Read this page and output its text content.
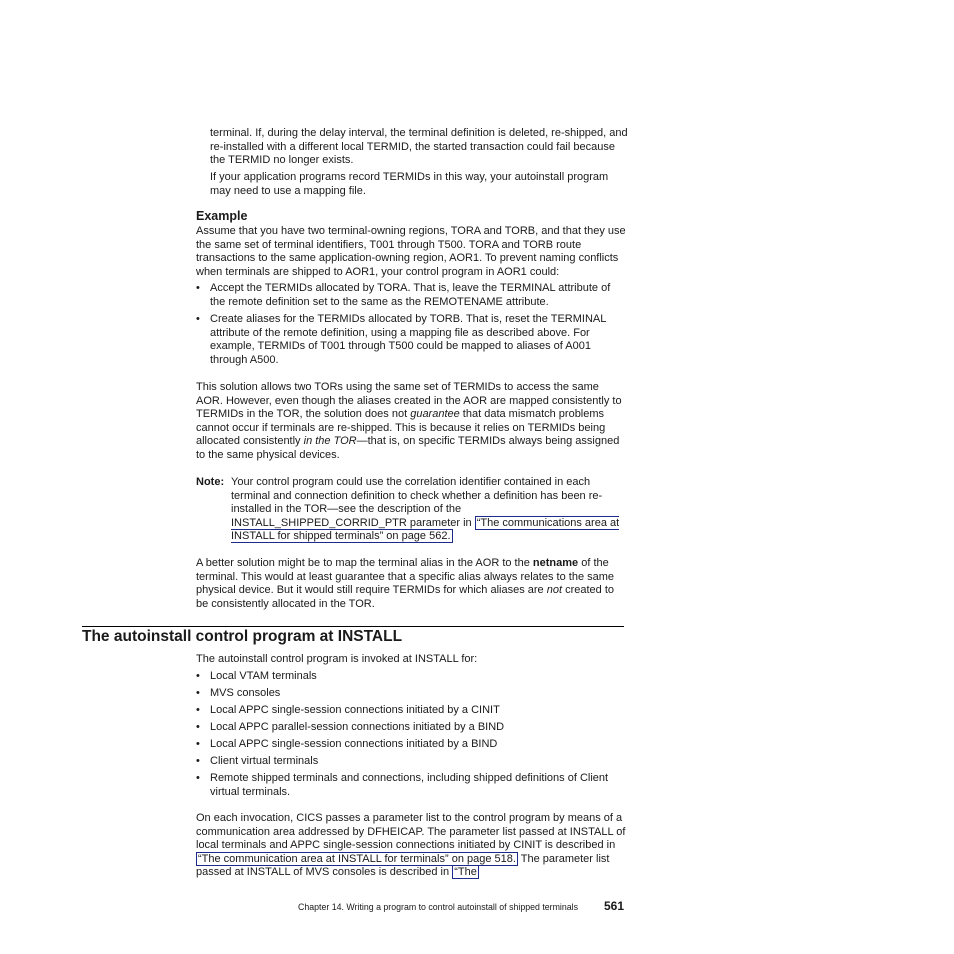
terminal. If, during the delay interval, the terminal definition is deleted, re-shipped, and re-installed with a different local TERMID, the started transaction could fail because the TERMID no longer exists.

If your application programs record TERMIDs in this way, your autoinstall program may need to use a mapping file.

Example

Assume that you have two terminal-owning regions, TORA and TORB, and that they use the same set of terminal identifiers, T001 through T500. TORA and TORB route transactions to the same application-owning region, AOR1. To prevent naming conflicts when terminals are shipped to AOR1, your control program in AOR1 could:

• Accept the TERMIDs allocated by TORA. That is, leave the TERMINAL attribute of the remote definition set to the same as the REMOTENAME attribute.
• Create aliases for the TERMIDs allocated by TORB. That is, reset the TERMINAL attribute of the remote definition, using a mapping file as described above. For example, TERMIDs of T001 through T500 could be mapped to aliases of A001 through A500.

This solution allows two TORs using the same set of TERMIDs to access the same AOR. However, even though the aliases created in the AOR are mapped consistently to TERMIDs in the TOR, the solution does not guarantee that data mismatch problems cannot occur if terminals are re-shipped. This is because it relies on TERMIDs being allocated consistently in the TOR—that is, on specific TERMIDs always being assigned to the same physical devices.

Note: Your control program could use the correlation identifier contained in each terminal and connection definition to check whether a definition has been re-installed in the TOR—see the description of the INSTALL_SHIPPED_CORRID_PTR parameter in “The communications area at INSTALL for shipped terminals” on page 562.

A better solution might be to map the terminal alias in the AOR to the netname of the terminal. This would at least guarantee that a specific alias always relates to the same physical device. But it would still require TERMIDs for which aliases are not created to be consistently allocated in the TOR.

The autoinstall control program at INSTALL

The autoinstall control program is invoked at INSTALL for:

• Local VTAM terminals
• MVS consoles
• Local APPC single-session connections initiated by a CINIT
• Local APPC parallel-session connections initiated by a BIND
• Local APPC single-session connections initiated by a BIND
• Client virtual terminals
• Remote shipped terminals and connections, including shipped definitions of Client virtual terminals.

On each invocation, CICS passes a parameter list to the control program by means of a communication area addressed by DFHEICAP. The parameter list passed at INSTALL of local terminals and APPC single-session connections initiated by CINIT is described in “The communication area at INSTALL for terminals” on page 518. The parameter list passed at INSTALL of MVS consoles is described in “The

Chapter 14. Writing a program to control autoinstall of shipped terminals 561
